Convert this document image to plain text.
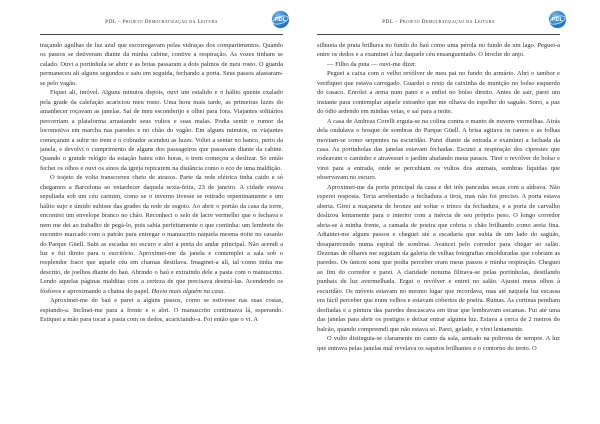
PDL – Projeto Democratização da Leitura	PDL

traçando agulhas de luz azul que escorregavam pelas vidraças dos compartimentos. Quando os passos se detiveram diante da minha cabine, contive a respiração. As vozes tinham se calado. Ouvi a portinhola se abrir e as botas passaram a dois palmos de meu rosto. O guarda permaneceu ali alguns segundos e saiu em seguida, fechando a porta. Seus passos afastaram-se pelo vagão.

Fiquei ali, imóvel. Alguns minutos depois, ouvi um estalido e o hálito quente exalado pela grade da calefação acariciou meu rosto. Uma hora mais tarde, as primeiras luzes do amanhecer roçavam as janelas. Saí de meu esconderijo e olhei para fora. Viajantes solitários percorriam a plataforma arrastando seus vultos e suas malas. Podia sentir o rumor da locomotiva em marcha nas paredes e no chão do vagão. Em alguns minutos, os viajantes começaram a subir no trem e o cobrador acendeu as luzes. Voltei a sentar no banco, perto da janela, e devolvi o cumprimento de alguns dos passageiros que passavam diante da cabine. Quando o grande relógio da estação bateu oito horas, o trem começou a deslizar. Só então fechei os olhos e ouvi os sinos da igreja repicarem na distância como o eco de uma maldição.

O trajeto de volta transcorreu cheio de atrasos. Parte da rede elétrica tinha caído e só chegamos a Barcelona ao entardecer daquela sexta-feira, 23 de janeiro. A cidade estava sepultada sob um céu carmim, como se o inverno tivesse se retirado repentinamente e um hálito sujo e úmido subisse das grades da rede de esgoto. Ao abrir o portão da casa da torre, encontrei um envelope branco no chão. Reconheci o selo de lacre vermelho que o fechava e nem me dei ao trabalho de pegá-lo, pois sabia perfeitamente o que continha: um lembrete do encontro marcado com o patrão para entregar o manuscrito naquela mesma noite no casarão do Parque Güell. Subi as escadas no escuro e abri a porta do andar principal. Não acendi a luz e fui direto para o escritório. Aproximei-me da janela e contemplei a sala sob o resplendor fraco que aquele céu em chamas destilava. Imaginei-a ali, tal como tinha me descrito, de joelhos diante do baú. Abrindo o baú e extraindo dele a pasta com o manuscrito. Lendo aquelas páginas malditas com a certeza de que precisava destruí-las. Acendendo os fósforos e aproximando a chama do papel. Havia mais alguém na casa.

Aproximei-me do baú e parei a alguns passos, como se estivesse nas suas costas, espiando-a. Inclinei-me para a frente e o abri. O manuscrito continuava lá, esperando. Estiquei a mão para tocar a pasta com os dedos, acariciando-a. Foi então que o vi. A

PDL – Projeto Democratização da Leitura	PDL

silhueta de prata brilhava no fundo do baú como uma pérola no fundo de um lago. Peguei-a entre os dedos e a examinei à luz daquele céu ensanguentado. O broche do anjo.

— Filho da puta — ouvi-me dizer.

Peguei a caixa com o velho revólver de meu pai no fundo do armário. Abri o tambor e verifiquei que estava carregado. Guardei o resto da caixinha de munição no bolso esquerdo do casaco. Enrolei a arma num pano e a enfiei no bolso direito. Antes de sair, parei um instante para contemplar aquele estranho que me olhava do espelho do saguão. Sorri, a paz do ódio ardendo em minhas veias, e saí para a noite.

A casa de Andreas Corelli erguia-se na colina contra o manto de nuvens vermelhas. Atrás dela ondulava o bosque de sombras do Parque Güell. A brisa agitava os ramos e as folhas moviam-se como serpentes na escuridão. Parei diante da entrada e examinei a fachada da casa. As portinholas das janelas estavam fechadas. Escutei a respiração dos ciprestes que rodeavam o caminho e atravessei o jardim abafando meus passos. Tirei o revólver do bolso e virei para a entrada, onde se percebiam os vultos dos animais, sombras líquidas que observavam no escuro.

Aproximei-me da porta principal da casa e dei três pancadas secas com a aldrava. Não esperei resposta. Teria arrebentado a fechadura a tiros, mas não foi preciso. A porta estava aberta. Girei a maçaneta de bronze até soltar o trinco da fechadura, e a porta de carvalho deslizou lentamente para o interior com a inércia de seu próprio peso. O longo corredor abria-se à minha frente, a camada de poeira que cobria o chão brilhando como areia fina. Adiantei-me alguns passos e cheguei até a escadaria que subia de um lado do saguão, desaparecendo numa espiral de sombras. Avancei pelo corredor para chegar ao salão. Dezenas de olhares me seguiam da galeria de velhas fotografias emolduradas que cobriam as paredes. Os únicos sons que podia perceber eram meus passos e minha respiração. Cheguei ao fim do corredor e parei. A claridade noturna filtrava-se pelas portinholas, destilando punhais de luz avermelhada. Ergui o revólver e entrei no salão. Ajustei meus olhos à escuridão. Os móveis estavam no mesmo lugar que recordava, mas até naquela luz escassa era fácil perceber que eram velhos e estavam cobertos de poeira. Ruínas. As cortinas pendiam desfiadas e a pintura das paredes descascava em tiras que lembravam escamas. Fui até uma das janelas para abrir os postigos e deixar entrar alguma luz. Estava a cerca de 2 metros do balcão, quando compreendi que não estava só. Parei, gelado, e virei lentamente.

O vulto distinguia-se claramente no canto da sala, sentado na poltrona de sempre. A luz que entrava pelas janelas mal revelava os sapatos brilhantes e o contorno do terno. O
